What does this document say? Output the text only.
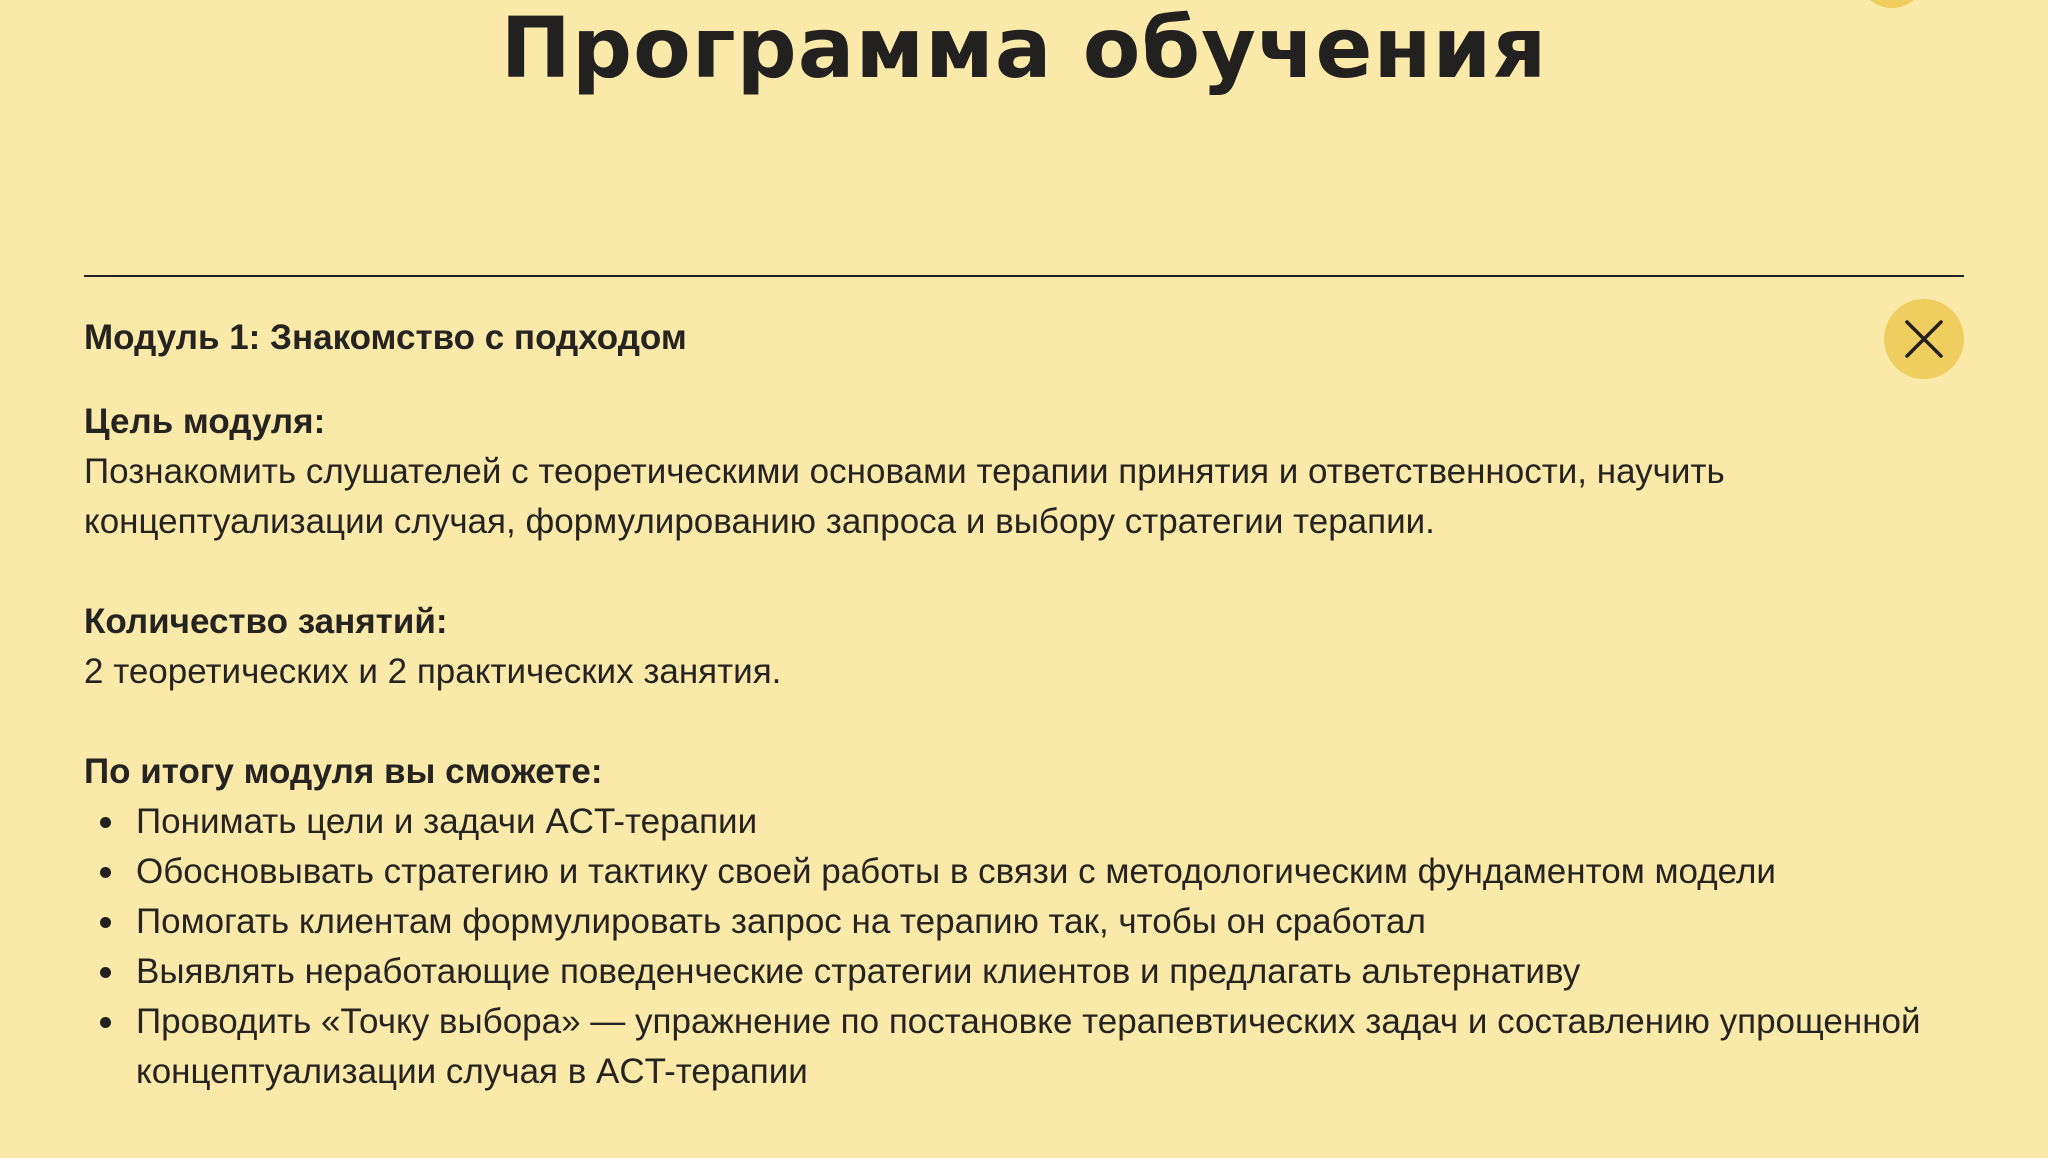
Программа обучения
Модуль 1: Знакомство с подходом

Цель модуля:

Познакомить слушателей с теоретическими основами терапии принятия и ответственности, научить концептуализации случая, формулированию запроса и выбору стратегии терапии.

Количество занятий:

2 теоретических и 2 практических занятия.

По итогу модуля вы сможете:

Понимать цели и задачи ACT-терапии
Обосновывать стратегию и тактику своей работы в связи с методологическим фундаментом модели
Помогать клиентам формулировать запрос на терапию так, чтобы он сработал
Выявлять неработающие поведенческие стратегии клиентов и предлагать альтернативу
Проводить «Точку выбора» — упражнение по постановке терапевтических задач и составлению упрощенной концептуализации случая в ACT-терапии
